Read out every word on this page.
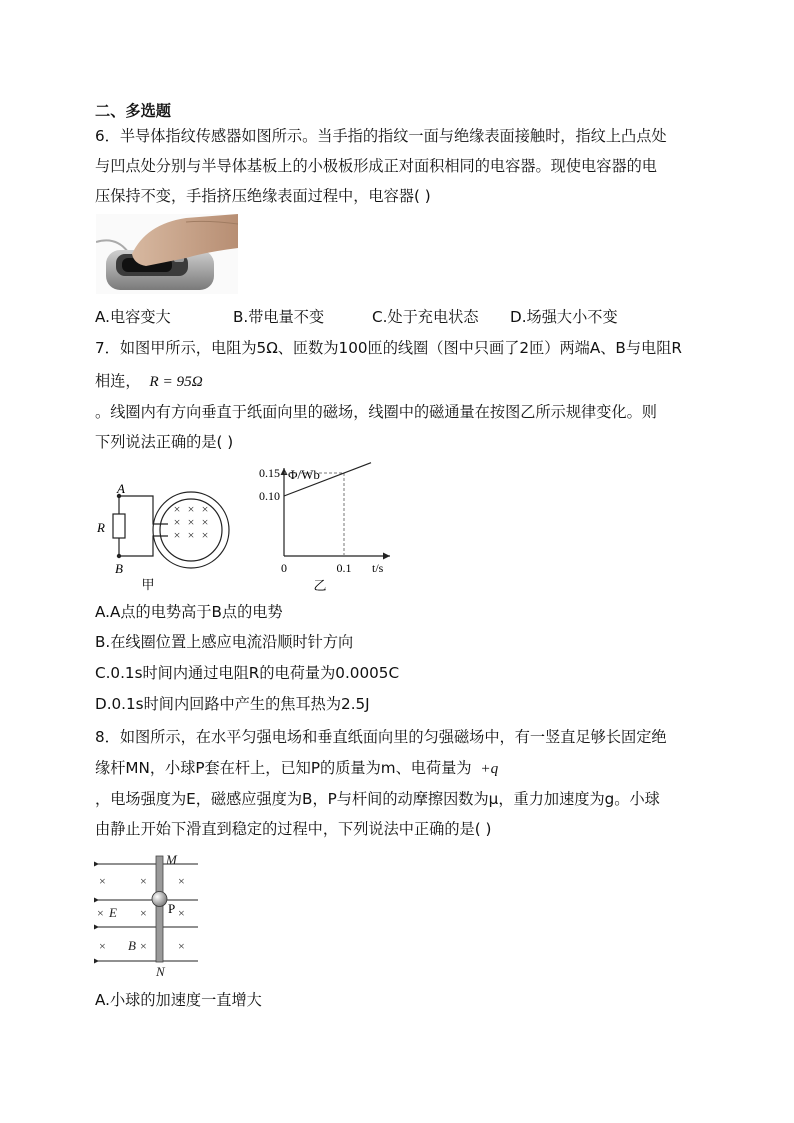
二、多选题
6．半导体指纹传感器如图所示。当手指的指纹一面与绝缘表面接触时，指纹上凸点处
与凹点处分别与半导体基板上的小极板形成正对面积相同的电容器。现使电容器的电
压保持不变，手指挤压绝缘表面过程中，电容器( )
A.电容变大	B.带电量不变	C.处于充电状态 D.场强大小不变
7．如图甲所示，电阻为5Ω、匝数为100匝的线圈（图中只画了2匝）两端A、B与电阻R
相连， R = 95Ω
。线圈内有方向垂直于纸面向里的磁场，线圈中的磁通量在按图乙所示规律变化。则
下列说法正确的是( )
A
B
R
× × ×
× × ×
× × ×
甲
Φ/Wb
t/s
0.15
0.10
0	0.1
乙
A.A点的电势高于B点的电势
B.在线圈位置上感应电流沿顺时针方向
C.0.1s时间内通过电阻R的电荷量为0.0005C
D.0.1s时间内回路中产生的焦耳热为2.5J
8．如图所示，在水平匀强电场和垂直纸面向里的匀强磁场中，有一竖直足够长固定绝
缘杆MN，小球P套在杆上，已知P的质量为m、电荷量为 +q
，电场强度为E，磁感应强度为B，P与杆间的动摩擦因数为μ，重力加速度为g。小球
由静止开始下滑直到稳定的过程中，下列说法中正确的是( )
×	×	×
×	×	×
×	×	×
M
N
E
B
P
A.小球的加速度一直增大
